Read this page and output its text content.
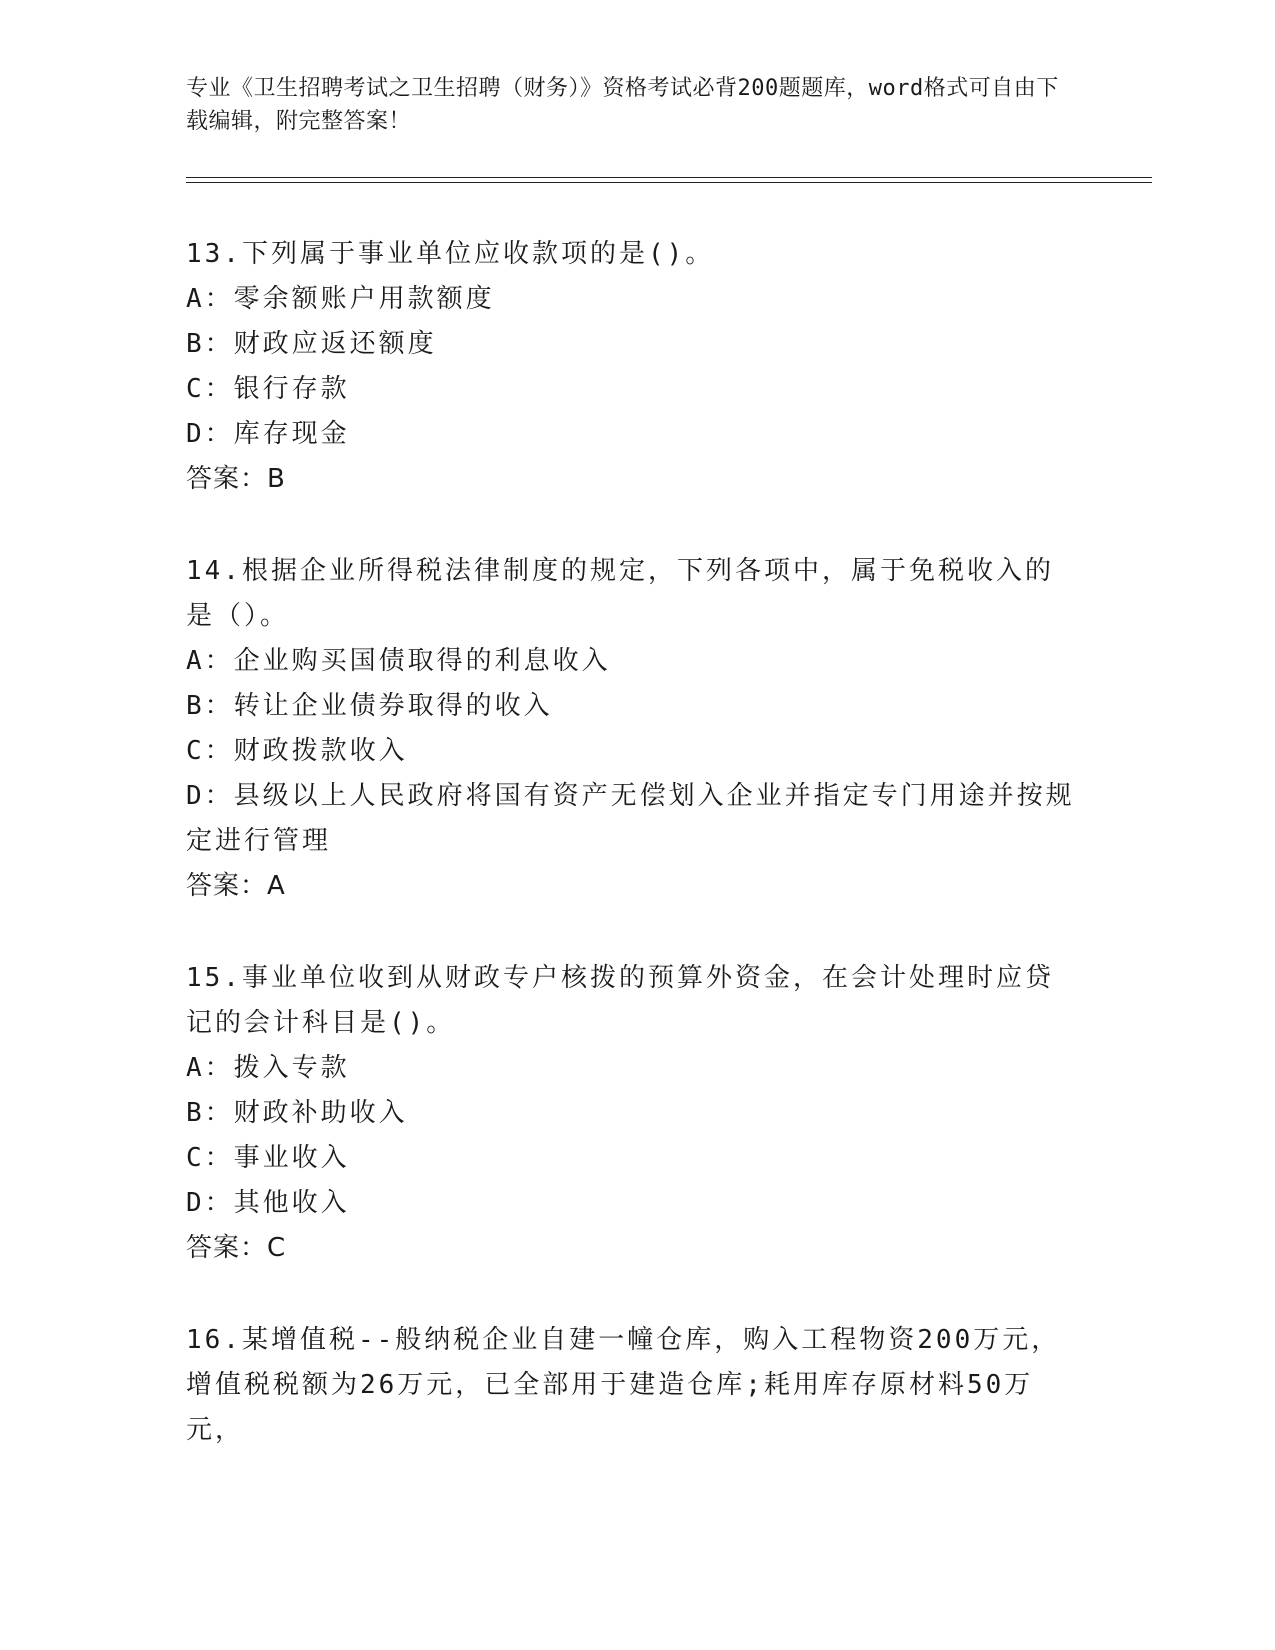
专业《卫生招聘考试之卫生招聘（财务）》资格考试必背200题题库，word格式可自由下载编辑，附完整答案！

13.下列属于事业单位应收款项的是()。

A：零余额账户用款额度

B：财政应返还额度

C：银行存款

D：库存现金

答案：B

14.根据企业所得税法律制度的规定，下列各项中，属于免税收入的是（）。

A：企业购买国债取得的利息收入

B：转让企业债券取得的收入

C：财政拨款收入

D：县级以上人民政府将国有资产无偿划入企业并指定专门用途并按规定进行管理

答案：A

15.事业单位收到从财政专户核拨的预算外资金，在会计处理时应贷记的会计科目是()。

A：拨入专款

B：财政补助收入

C：事业收入

D：其他收入

答案：C

16.某增值税--般纳税企业自建一幢仓库，购入工程物资200万元，增值税税额为26万元，已全部用于建造仓库;耗用库存原材料50万元，
